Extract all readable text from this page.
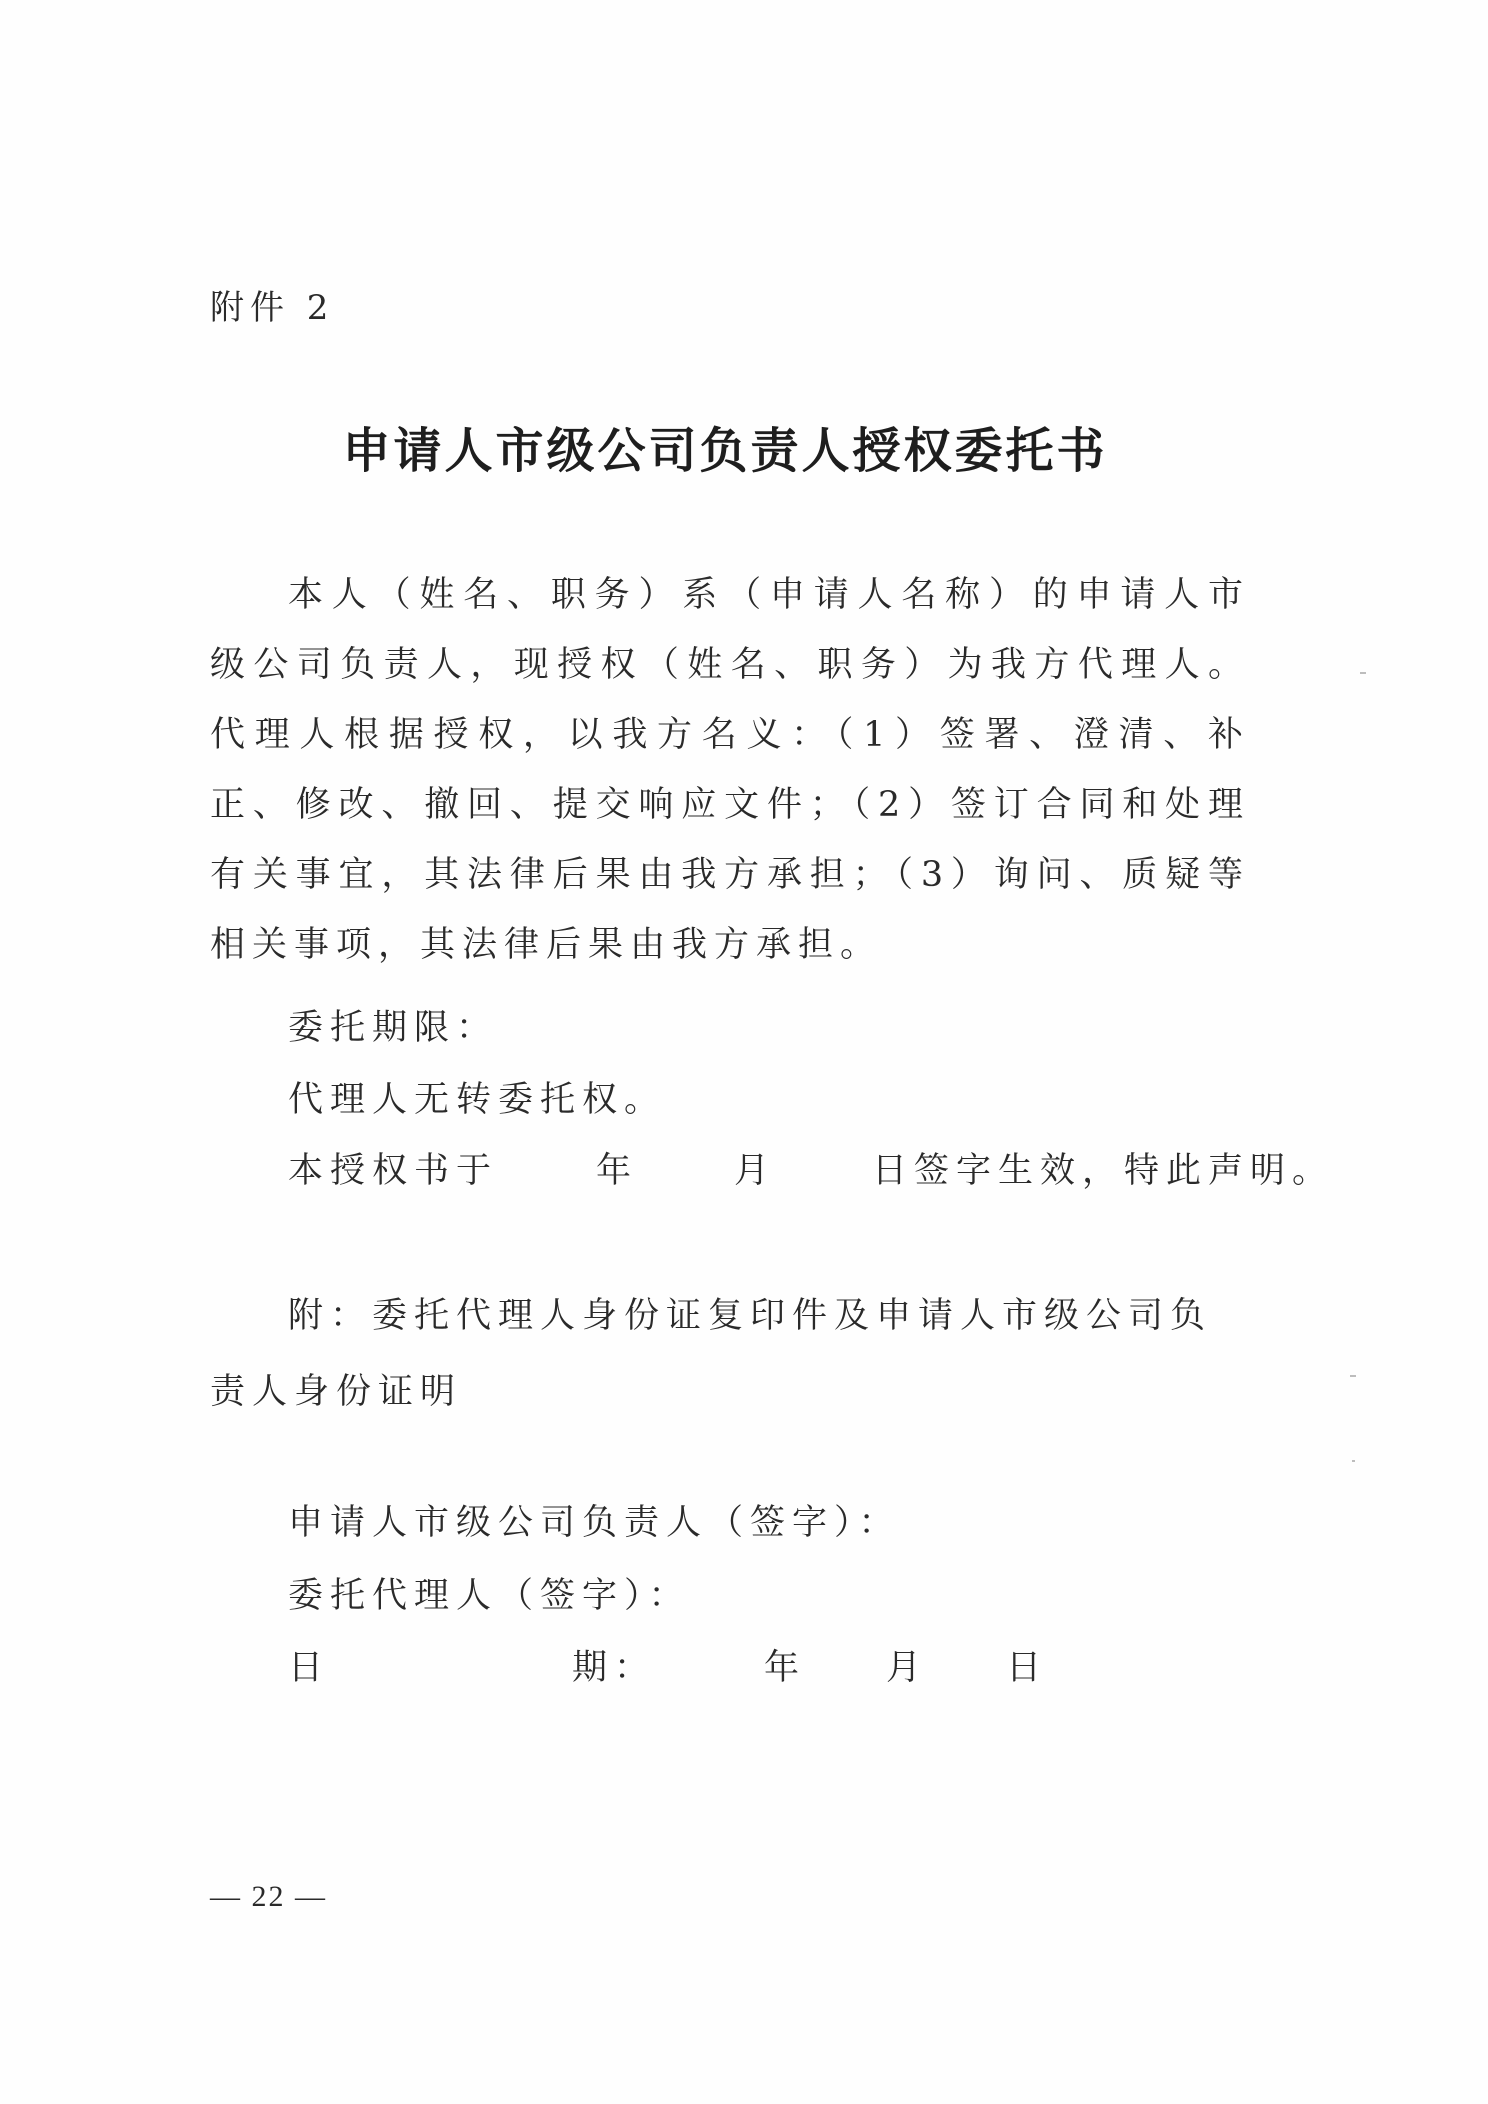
附件 2
申请人市级公司负责人授权委托书
本人（姓名、职务）系（申请人名称）的申请人市级公司负责人，现授权（姓名、职务）为我方代理人。代理人根据授权，以我方名义：（1）签署、澄清、补正、修改、撤回、提交响应文件；（2）签订合同和处理有关事宜，其法律后果由我方承担；（3）询问、质疑等相关事项，其法律后果由我方承担。
委托期限：
代理人无转委托权。
本授权书于	年	月	日签字生效，特此声明。
附：委托代理人身份证复印件及申请人市级公司负责人身份证明
申请人市级公司负责人（签字）：
委托代理人（签字）：
日	期：	年 月 日
— 22 —
